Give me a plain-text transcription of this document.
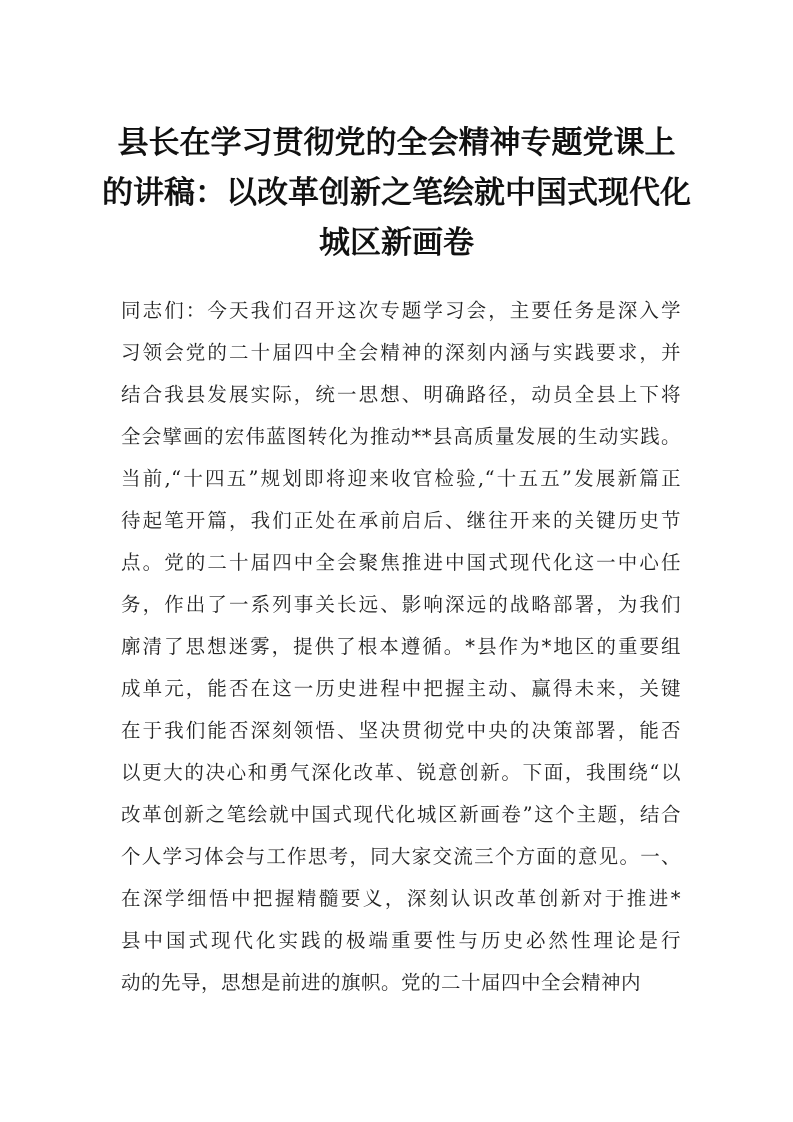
县长在学习贯彻党的全会精神专题党课上
的讲稿：以改革创新之笔绘就中国式现代化
城区新画卷
同志们：今天我们召开这次专题学习会，主要任务是深入学
习领会党的二十届四中全会精神的深刻内涵与实践要求，并
结合我县发展实际，统一思想、明确路径，动员全县上下将
全会擘画的宏伟蓝图转化为推动**县高质量发展的生动实践。
当前,“十四五”规划即将迎来收官检验,“十五五”发展新篇正
待起笔开篇，我们正处在承前启后、继往开来的关键历史节
点。党的二十届四中全会聚焦推进中国式现代化这一中心任
务，作出了一系列事关长远、影响深远的战略部署，为我们
廓清了思想迷雾，提供了根本遵循。*县作为*地区的重要组
成单元，能否在这一历史进程中把握主动、赢得未来，关键
在于我们能否深刻领悟、坚决贯彻党中央的决策部署，能否
以更大的决心和勇气深化改革、锐意创新。下面，我围绕“以
改革创新之笔绘就中国式现代化城区新画卷”这个主题，结合
个人学习体会与工作思考，同大家交流三个方面的意见。一、
在深学细悟中把握精髓要义，深刻认识改革创新对于推进*
县中国式现代化实践的极端重要性与历史必然性理论是行
动的先导，思想是前进的旗帜。党的二十届四中全会精神内
